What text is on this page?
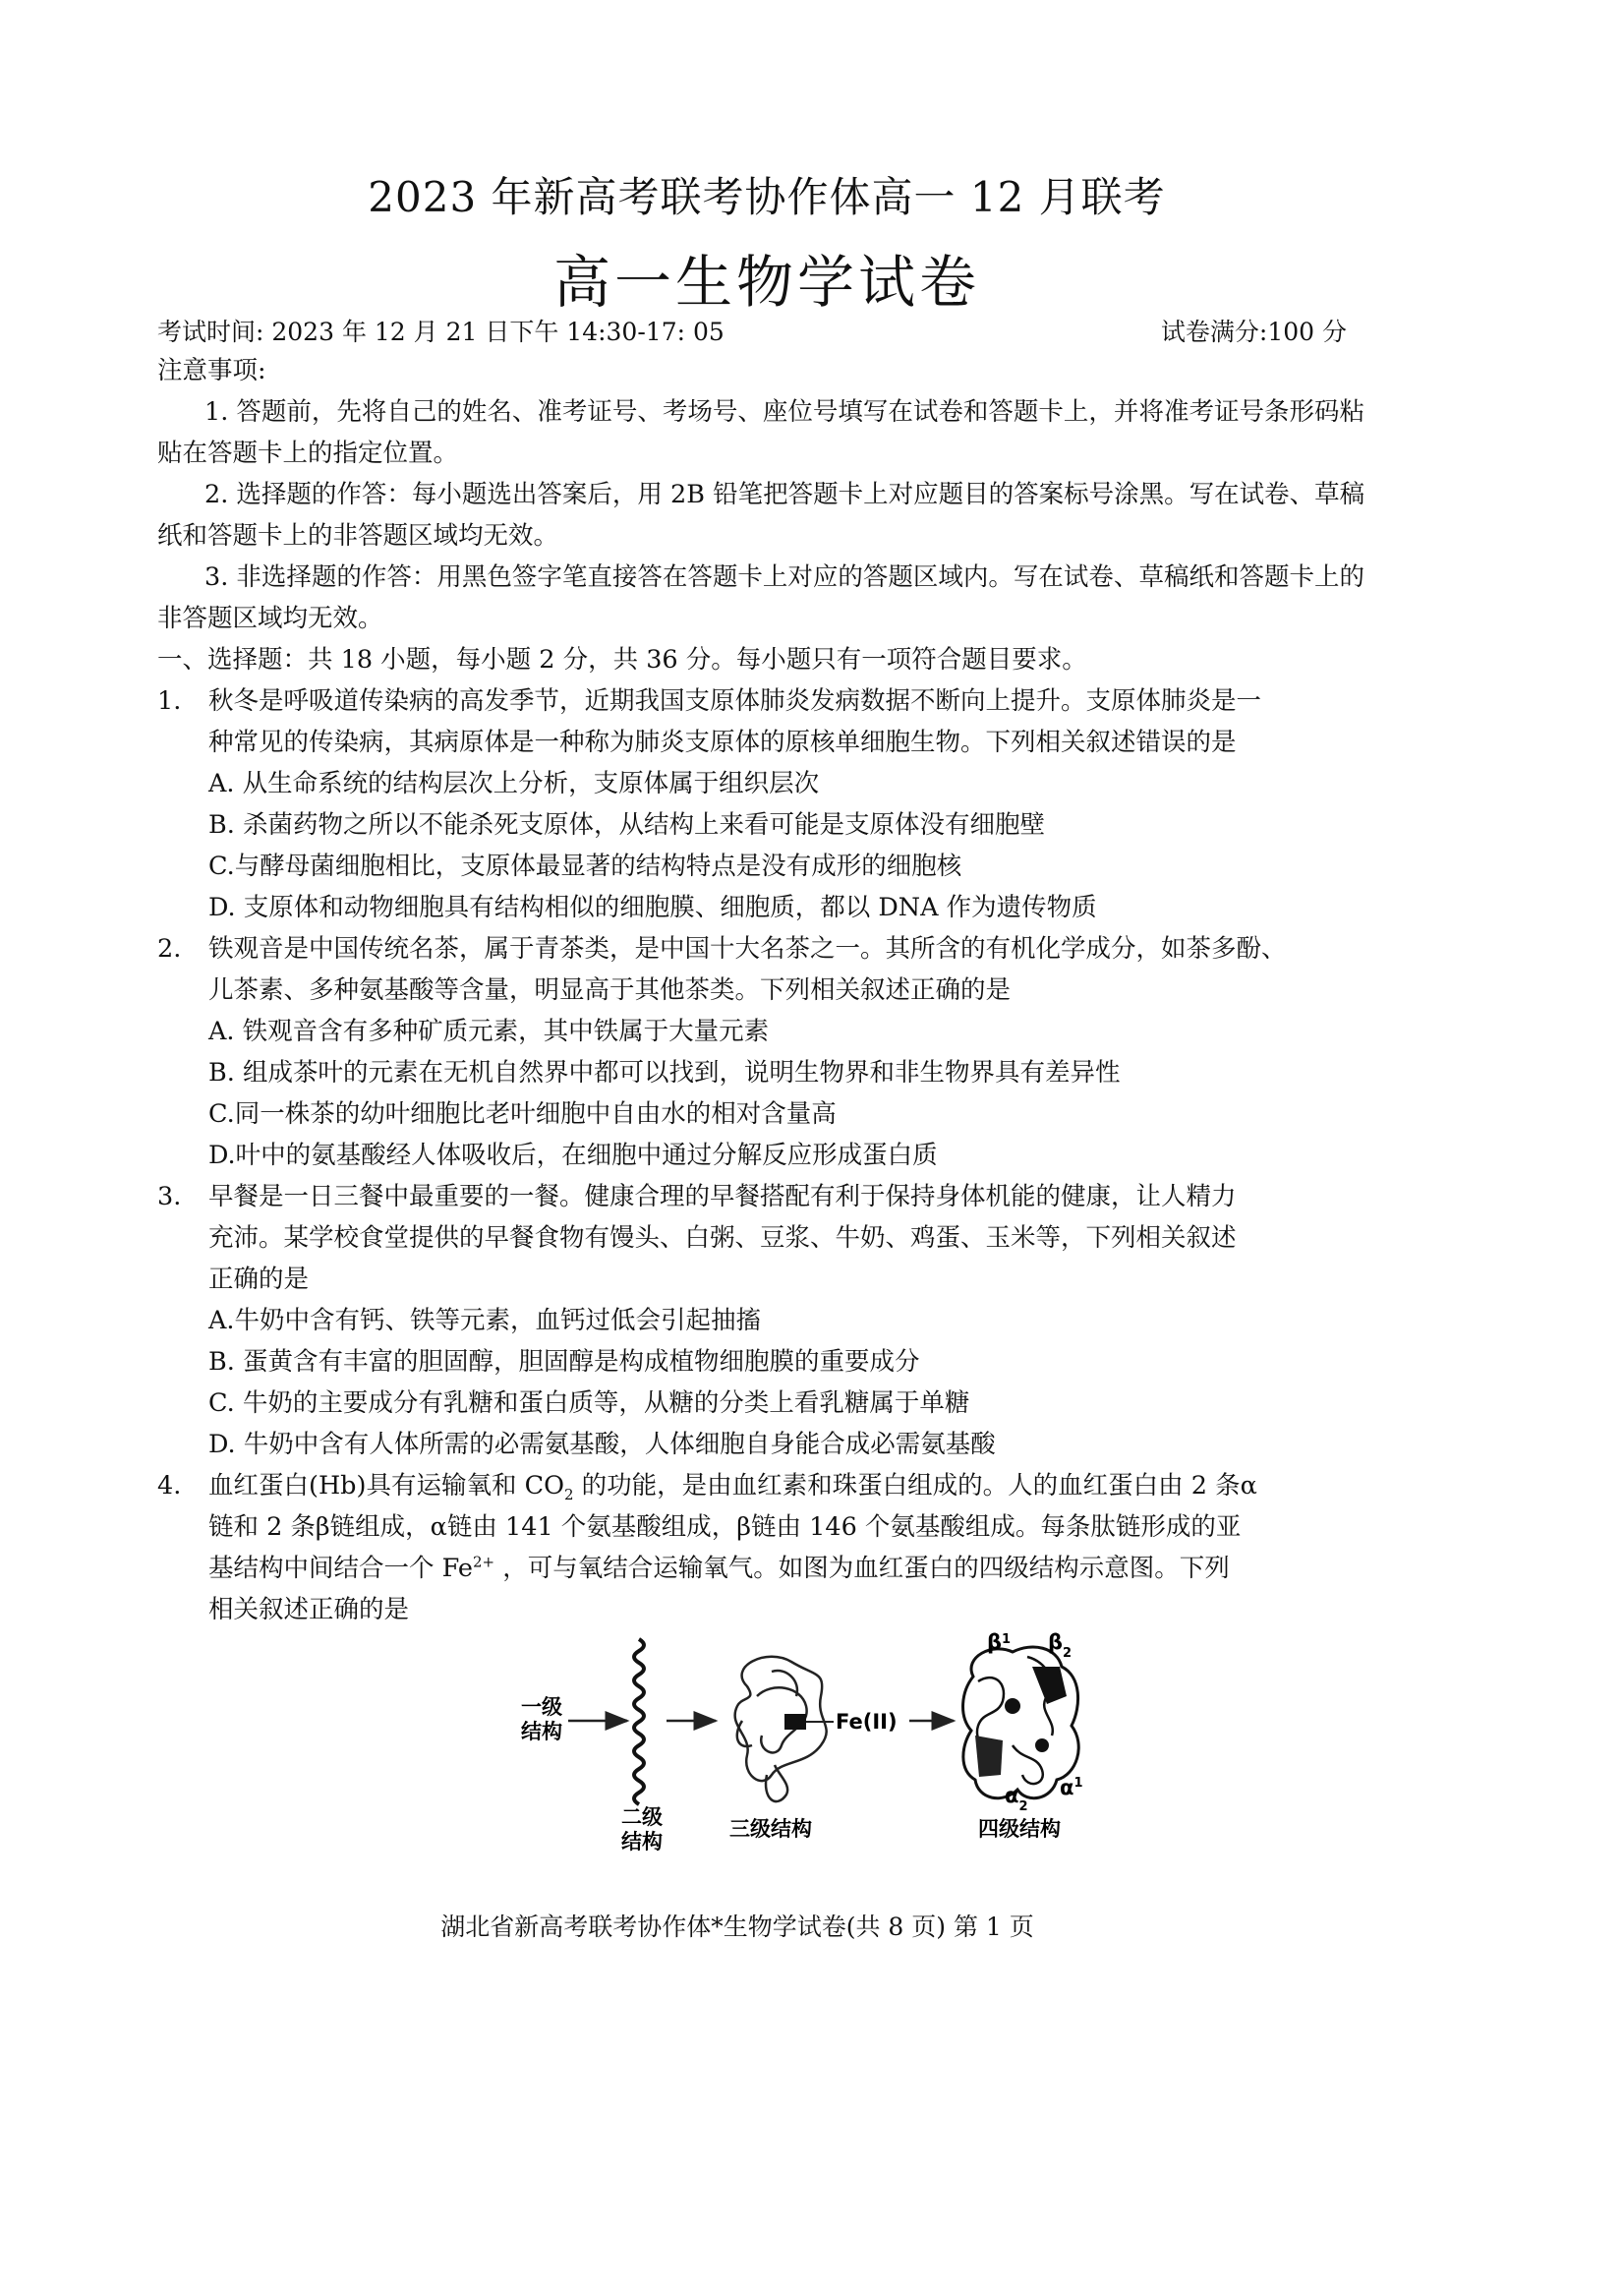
2023 年新高考联考协作体高一 12 月联考
高一生物学试卷
考试时间: 2023 年 12 月 21 日下午 14:30-17: 05	试卷满分:100 分
注意事项:
1. 答题前，先将自己的姓名、准考证号、考场号、座位号填写在试卷和答题卡上，并将准考证号条形码粘贴在答题卡上的指定位置。
2. 选择题的作答：每小题选出答案后，用 2B 铅笔把答题卡上对应题目的答案标号涂黑。写在试卷、草稿纸和答题卡上的非答题区域均无效。
3. 非选择题的作答：用黑色签字笔直接答在答题卡上对应的答题区域内。写在试卷、草稿纸和答题卡上的非答题区域均无效。
一、选择题：共 18 小题，每小题 2 分，共 36 分。每小题只有一项符合题目要求。
1. 秋冬是呼吸道传染病的高发季节，近期我国支原体肺炎发病数据不断向上提升。支原体肺炎是一
种常见的传染病，其病原体是一种称为肺炎支原体的原核单细胞生物。下列相关叙述错误的是
A. 从生命系统的结构层次上分析，支原体属于组织层次
B. 杀菌药物之所以不能杀死支原体，从结构上来看可能是支原体没有细胞壁
C.与酵母菌细胞相比，支原体最显著的结构特点是没有成形的细胞核
D. 支原体和动物细胞具有结构相似的细胞膜、细胞质，都以 DNA 作为遗传物质
2. 铁观音是中国传统名茶，属于青茶类，是中国十大名茶之一。其所含的有机化学成分，如茶多酚、
儿茶素、多种氨基酸等含量，明显高于其他茶类。下列相关叙述正确的是
A. 铁观音含有多种矿质元素，其中铁属于大量元素
B. 组成茶叶的元素在无机自然界中都可以找到，说明生物界和非生物界具有差异性
C.同一株茶的幼叶细胞比老叶细胞中自由水的相对含量高
D.叶中的氨基酸经人体吸收后，在细胞中通过分解反应形成蛋白质
3. 早餐是一日三餐中最重要的一餐。健康合理的早餐搭配有利于保持身体机能的健康，让人精力
充沛。某学校食堂提供的早餐食物有馒头、白粥、豆浆、牛奶、鸡蛋、玉米等，下列相关叙述
正确的是
A.牛奶中含有钙、铁等元素，血钙过低会引起抽搐
B. 蛋黄含有丰富的胆固醇，胆固醇是构成植物细胞膜的重要成分
C. 牛奶的主要成分有乳糖和蛋白质等，从糖的分类上看乳糖属于单糖
D. 牛奶中含有人体所需的必需氨基酸，人体细胞自身能合成必需氨基酸
4. 血红蛋白(Hb)具有运输氧和 $CO_2$ 的功能，是由血红素和珠蛋白组成的。人的血红蛋白由 2 条α
链和 2 条β链组成，α链由 141 个氨基酸组成，β链由 146 个氨基酸组成。每条肽链形成的亚
基结构中间结合一个 $Fe^{2+}$ ，可与氧结合运输氧气。如图为血红蛋白的四级结构示意图。下列
相关叙述正确的是
一级
结构
二级
结构
Fe(II)
三级结构
$\beta^1$ $\beta_2$
$\alpha_2$
$\alpha^1$
四级结构
湖北省新高考联考协作体*生物学试卷(共 8 页) 第 1 页
